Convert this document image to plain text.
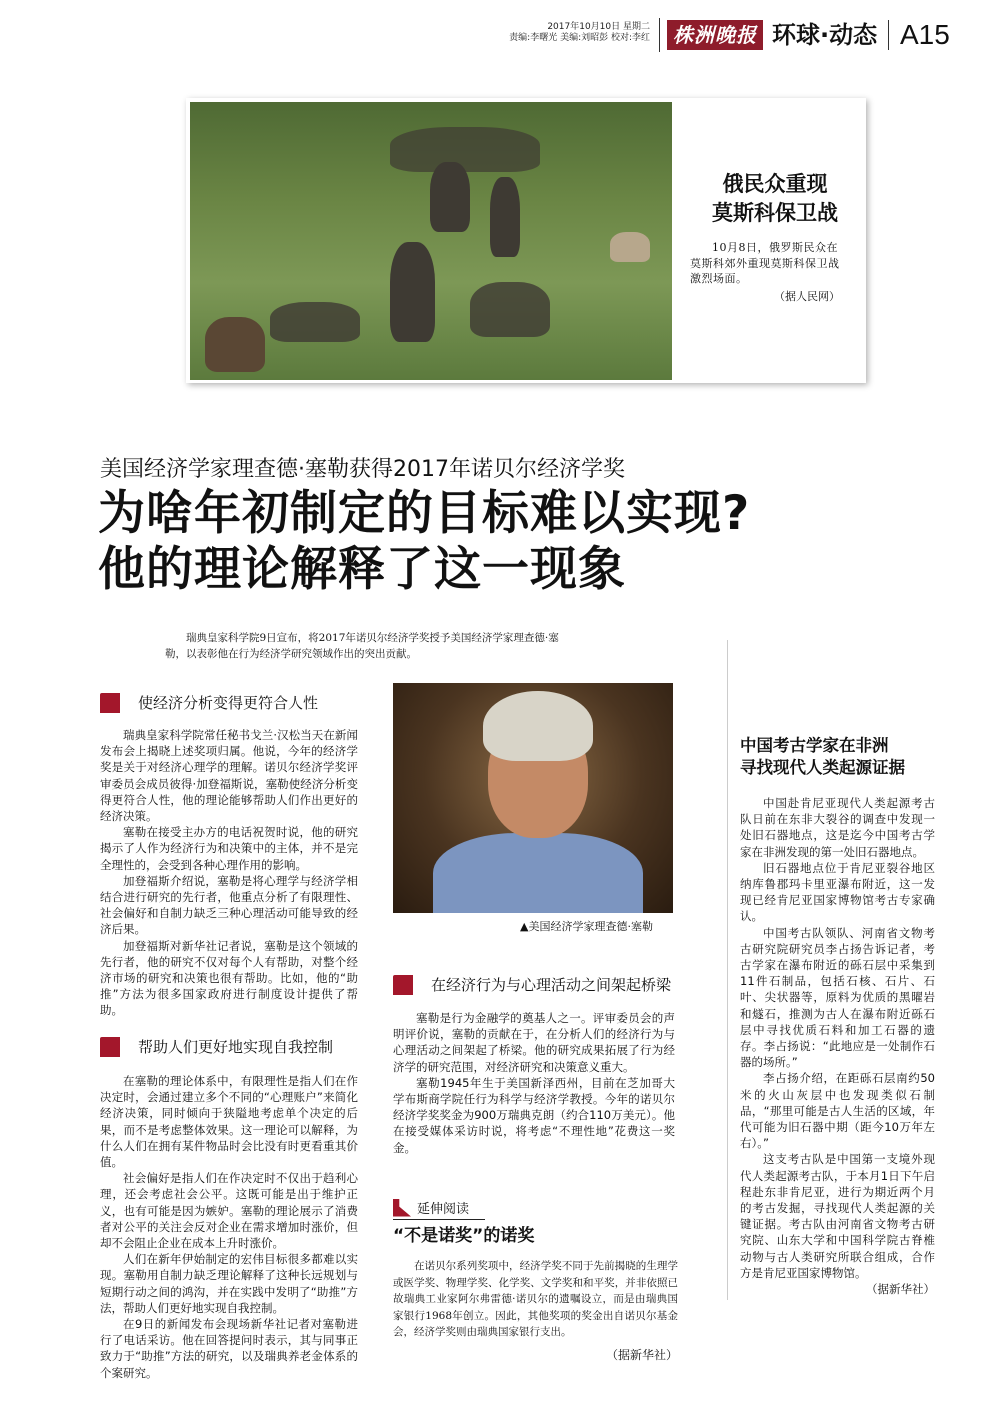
2017年10月10日 星期二
责编:李曙光 美编:刘昭彭 校对:李红	株洲晚报 环球·动态 A15
俄民众重现
莫斯科保卫战
10月8日，俄罗斯民众在莫斯科郊外重现莫斯科保卫战激烈场面。
（据人民网）
美国经济学家理查德·塞勒获得2017年诺贝尔经济学奖
为啥年初制定的目标难以实现?
他的理论解释了这一现象
瑞典皇家科学院9日宣布，将2017年诺贝尔经济学奖授予美国经济学家理查德·塞勒，以表彰他在行为经济学研究领域作出的突出贡献。
使经济分析变得更符合人性

瑞典皇家科学院常任秘书戈兰·汉松当天在新闻发布会上揭晓上述奖项归属。他说，今年的经济学奖是关于对经济心理学的理解。诺贝尔经济学奖评审委员会成员彼得·加登福斯说，塞勒使经济分析变得更符合人性，他的理论能够帮助人们作出更好的经济决策。

塞勒在接受主办方的电话祝贺时说，他的研究揭示了人作为经济行为和决策中的主体，并不是完全理性的，会受到各种心理作用的影响。

加登福斯介绍说，塞勒是将心理学与经济学相结合进行研究的先行者，他重点分析了有限理性、社会偏好和自制力缺乏三种心理活动可能导致的经济后果。

加登福斯对新华社记者说，塞勒是这个领域的先行者，他的研究不仅对每个人有帮助，对整个经济市场的研究和决策也很有帮助。比如，他的“助推”方法为很多国家政府进行制度设计提供了帮助。

帮助人们更好地实现自我控制

在塞勒的理论体系中，有限理性是指人们在作决定时，会通过建立多个不同的“心理账户”来简化经济决策，同时倾向于狭隘地考虑单个决定的后果，而不是考虑整体效果。这一理论可以解释，为什么人们在拥有某件物品时会比没有时更看重其价值。

社会偏好是指人们在作决定时不仅出于趋利心理，还会考虑社会公平。这既可能是出于维护正义，也有可能是因为嫉妒。塞勒的理论展示了消费者对公平的关注会反对企业在需求增加时涨价，但却不会阻止企业在成本上升时涨价。

人们在新年伊始制定的宏伟目标很多都难以实现。塞勒用自制力缺乏理论解释了这种长远规划与短期行动之间的鸿沟，并在实践中发明了“助推”方法，帮助人们更好地实现自我控制。

在9日的新闻发布会现场新华社记者对塞勒进行了电话采访。他在回答提问时表示，其与同事正致力于“助推”方法的研究，以及瑞典养老金体系的个案研究。

▲美国经济学家理查德·塞勒
在经济行为与心理活动之间架起桥梁

塞勒是行为金融学的奠基人之一。评审委员会的声明评价说，塞勒的贡献在于，在分析人们的经济行为与心理活动之间架起了桥梁。他的研究成果拓展了行为经济学的研究范围，对经济研究和决策意义重大。

塞勒1945年生于美国新泽西州，目前在芝加哥大学布斯商学院任行为科学与经济学教授。今年的诺贝尔经济学奖奖金为900万瑞典克朗（约合110万美元）。他在接受媒体采访时说，将考虑“不理性地”花费这一奖金。

延伸阅读
“不是诺奖”的诺奖

在诺贝尔系列奖项中，经济学奖不同于先前揭晓的生理学或医学奖、物理学奖、化学奖、文学奖和和平奖，并非依照已故瑞典工业家阿尔弗雷德·诺贝尔的遗嘱设立，而是由瑞典国家银行1968年创立。因此，其他奖项的奖金出自诺贝尔基金会，经济学奖则由瑞典国家银行支出。

（据新华社）
中国考古学家在非洲
寻找现代人类起源证据

中国赴肯尼亚现代人类起源考古队日前在东非大裂谷的调查中发现一处旧石器地点，这是迄今中国考古学家在非洲发现的第一处旧石器地点。

旧石器地点位于肯尼亚裂谷地区纳库鲁郡玛卡里亚瀑布附近，这一发现已经肯尼亚国家博物馆考古专家确认。

中国考古队领队、河南省文物考古研究院研究员李占扬告诉记者，考古学家在瀑布附近的砾石层中采集到11件石制品，包括石核、石片、石叶、尖状器等，原料为优质的黑曜岩和燧石，推测为古人在瀑布附近砾石层中寻找优质石料和加工石器的遗存。李占扬说：“此地应是一处制作石器的场所。”

李占扬介绍，在距砾石层南约50米的火山灰层中也发现类似石制品，“那里可能是古人生活的区域，年代可能为旧石器中期（距今10万年左右）。”

这支考古队是中国第一支境外现代人类起源考古队，于本月1日下午启程赴东非肯尼亚，进行为期近两个月的考古发掘，寻找现代人类起源的关键证据。考古队由河南省文物考古研究院、山东大学和中国科学院古脊椎动物与古人类研究所联合组成，合作方是肯尼亚国家博物馆。

（据新华社）
